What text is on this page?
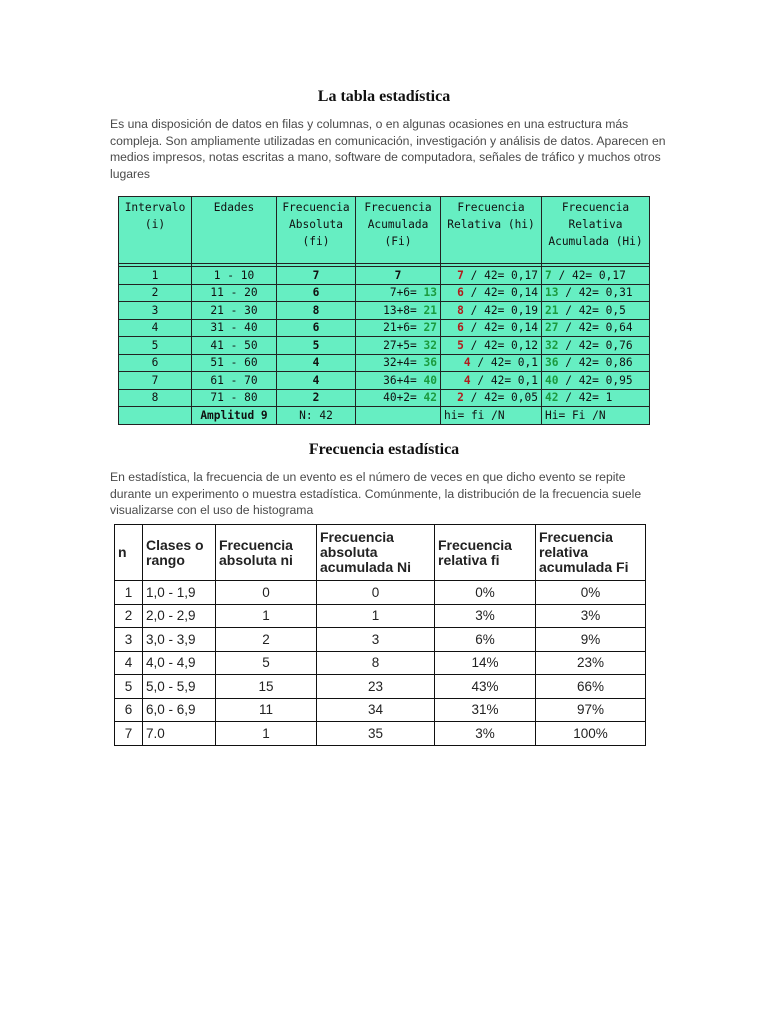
La tabla estadística
Es una disposición de datos en filas y columnas, o en algunas ocasiones en una estructura más compleja. Son ampliamente utilizadas en comunicación, investigación y análisis de datos. Aparecen en medios impresos, notas escritas a mano, software de computadora, señales de tráfico y muchos otros lugares
Intervalo (i)	Edades	Frecuencia Absoluta (fi)	Frecuencia Acumulada (Fi)	Frecuencia Relativa (hi)	Frecuencia Relativa Acumulada (Hi)

1	1 - 10	7	7	7 / 42= 0,17	7 / 42= 0,17
2	11 - 20	6	7+6= 13	6 / 42= 0,14	13 / 42= 0,31
3	21 - 30	8	13+8= 21	8 / 42= 0,19	21 / 42= 0,5
4	31 - 40	6	21+6= 27	6 / 42= 0,14	27 / 42= 0,64
5	41 - 50	5	27+5= 32	5 / 42= 0,12	32 / 42= 0,76
6	51 - 60	4	32+4= 36	4 / 42= 0,1	36 / 42= 0,86
7	61 - 70	4	36+4= 40	4 / 42= 0,1	40 / 42= 0,95
8	71 - 80	2	40+2= 42	2 / 42= 0,05	42 / 42= 1
	Amplitud 9	N: 42		hi= fi /N	Hi= Fi /N
Frecuencia estadística
En estadística, la frecuencia de un evento es el número de veces en que dicho evento se repite durante un experimento o muestra estadística. Comúnmente, la distribución de la frecuencia suele visualizarse con el uso de histograma
n	Clases o rango	Frecuencia absoluta ni	Frecuencia absoluta acumulada Ni	Frecuencia relativa fi	Frecuencia relativa acumulada Fi
1	1,0 - 1,9	0	0	0%	0%
2	2,0 - 2,9	1	1	3%	3%
3	3,0 - 3,9	2	3	6%	9%
4	4,0 - 4,9	5	8	14%	23%
5	5,0 - 5,9	15	23	43%	66%
6	6,0 - 6,9	11	34	31%	97%
7	7.0	1	35	3%	100%
